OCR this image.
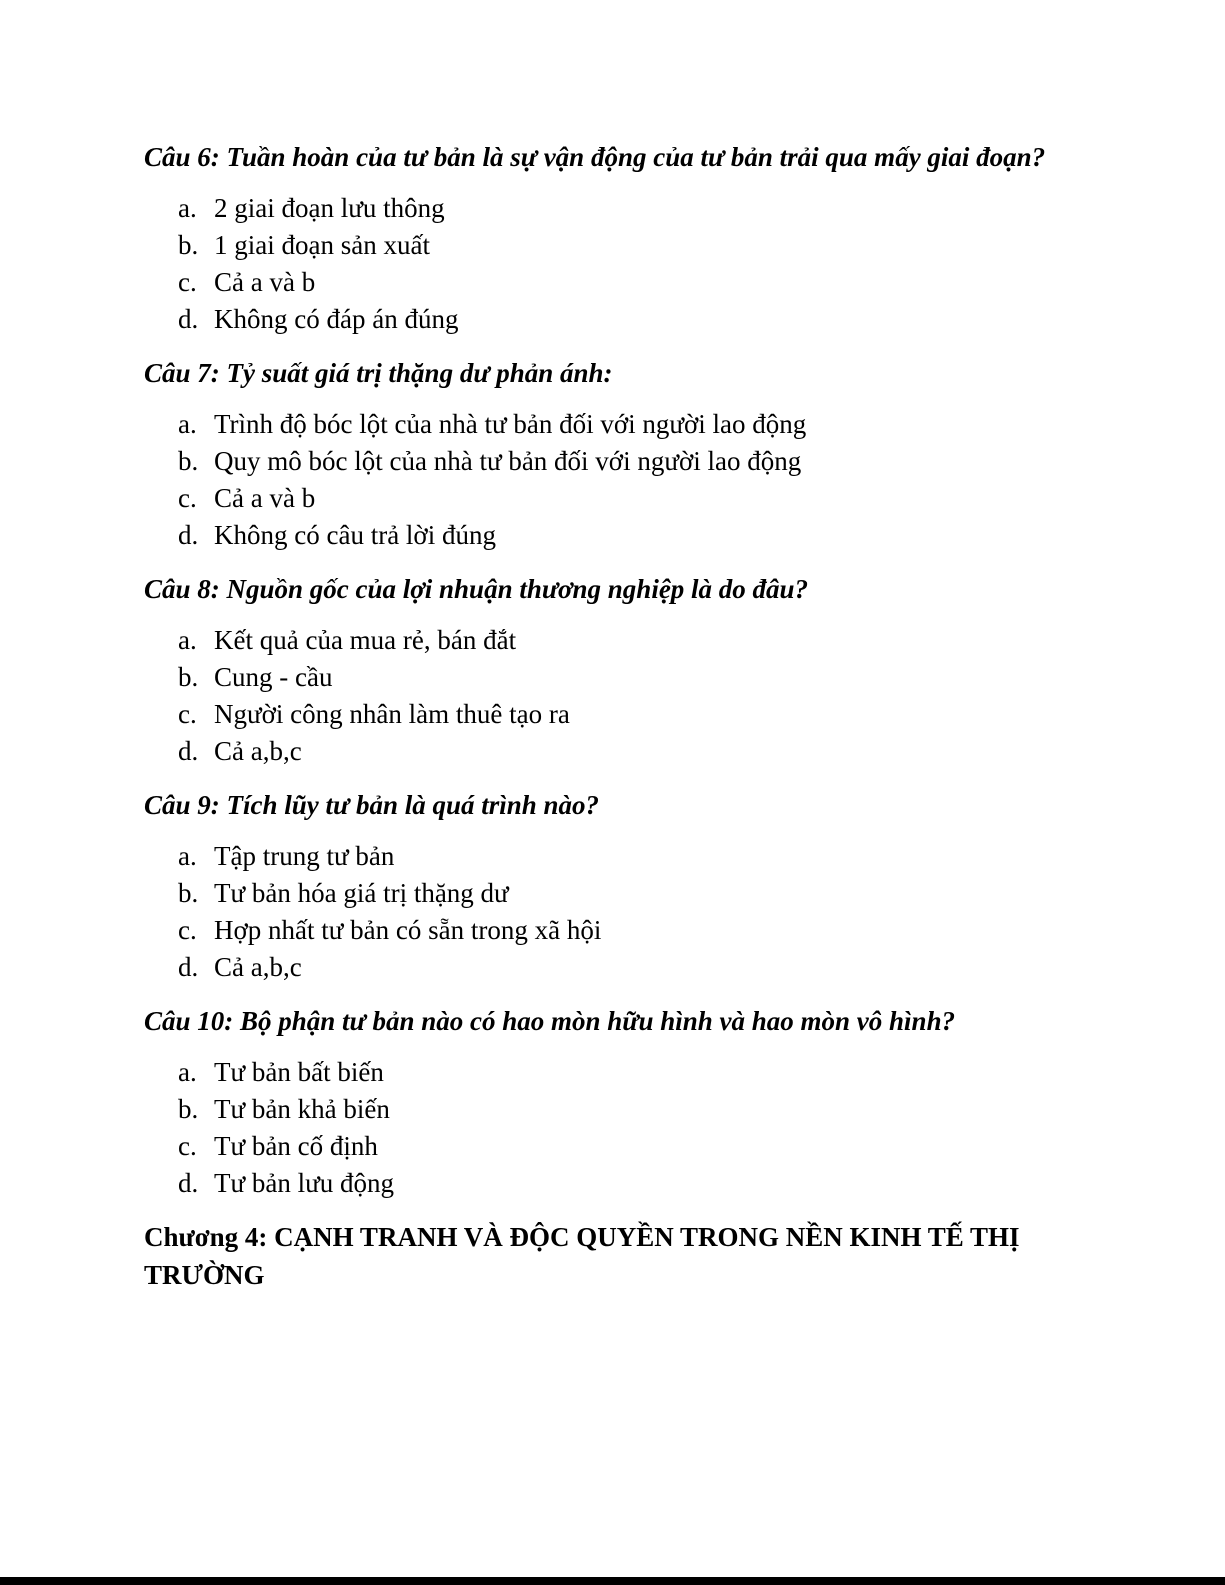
Câu 6: Tuần hoàn của tư bản là sự vận động của tư bản trải qua mấy giai đoạn?

a. 2 giai đoạn lưu thông
b. 1 giai đoạn sản xuất
c. Cả a và b
d. Không có đáp án đúng

Câu 7: Tỷ suất giá trị thặng dư phản ánh:

a. Trình độ bóc lột của nhà tư bản đối với người lao động
b. Quy mô bóc lột của nhà tư bản đối với người lao động
c. Cả a và b
d. Không có câu trả lời đúng

Câu 8: Nguồn gốc của lợi nhuận thương nghiệp là do đâu?

a. Kết quả của mua rẻ, bán đắt
b. Cung - cầu
c. Người công nhân làm thuê tạo ra
d. Cả a,b,c

Câu 9: Tích lũy tư bản là quá trình nào?

a. Tập trung tư bản
b. Tư bản hóa giá trị thặng dư
c. Hợp nhất tư bản có sẵn trong xã hội
d. Cả a,b,c

Câu 10: Bộ phận tư bản nào có hao mòn hữu hình và hao mòn vô hình?

a. Tư bản bất biến
b. Tư bản khả biến
c. Tư bản cố định
d. Tư bản lưu động

Chương 4: CẠNH TRANH VÀ ĐỘC QUYỀN TRONG NỀN KINH TẾ THỊ TRƯỜNG
